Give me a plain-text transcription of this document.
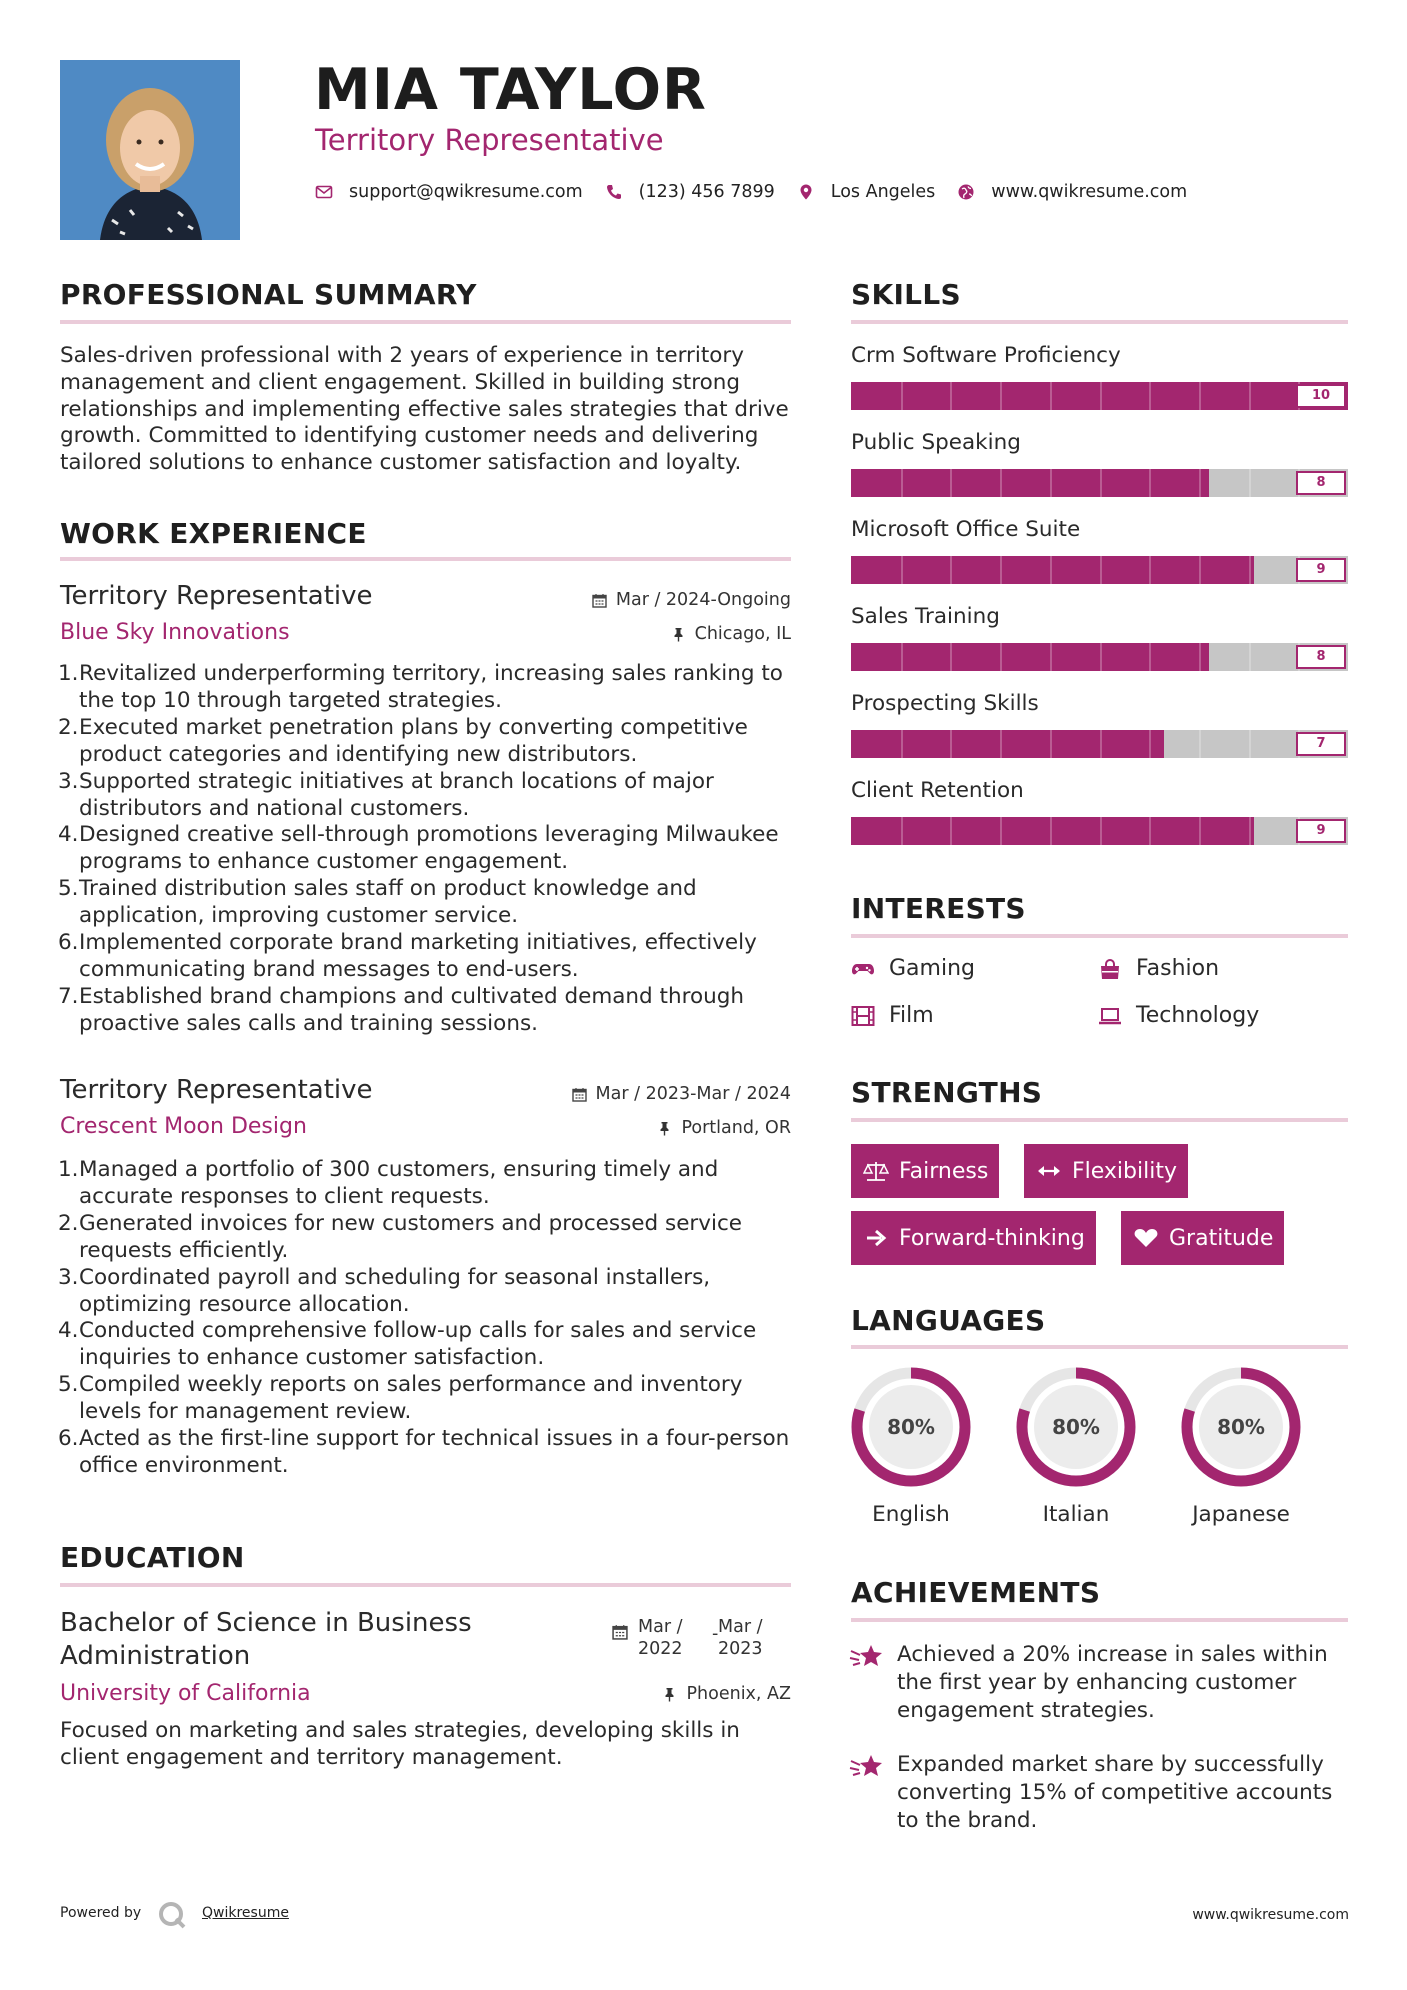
MIA TAYLOR
Territory Representative
support@qwikresume.com	(123) 456 7899	Los Angeles	www.qwikresume.com
PROFESSIONAL SUMMARY
Sales-driven professional with 2 years of experience in territory management and client engagement. Skilled in building strong relationships and implementing effective sales strategies that drive growth. Committed to identifying customer needs and delivering tailored solutions to enhance customer satisfaction and loyalty.
WORK EXPERIENCE
Territory Representative	Mar / 2024-Ongoing
Blue Sky Innovations	Chicago, IL
1. Revitalized underperforming territory, increasing sales ranking to the top 10 through targeted strategies.
2. Executed market penetration plans by converting competitive product categories and identifying new distributors.
3. Supported strategic initiatives at branch locations of major distributors and national customers.
4. Designed creative sell-through promotions leveraging Milwaukee programs to enhance customer engagement.
5. Trained distribution sales staff on product knowledge and application, improving customer service.
6. Implemented corporate brand marketing initiatives, effectively communicating brand messages to end-users.
7. Established brand champions and cultivated demand through proactive sales calls and training sessions.
Territory Representative	Mar / 2023-Mar / 2024
Crescent Moon Design	Portland, OR
1. Managed a portfolio of 300 customers, ensuring timely and accurate responses to client requests.
2. Generated invoices for new customers and processed service requests efficiently.
3. Coordinated payroll and scheduling for seasonal installers, optimizing resource allocation.
4. Conducted comprehensive follow-up calls for sales and service inquiries to enhance customer satisfaction.
5. Compiled weekly reports on sales performance and inventory levels for management review.
6. Acted as the first-line support for technical issues in a four-person office environment.
EDUCATION
Bachelor of Science in Business
Administration
Mar /
2022
- Mar /
2023
University of California	Phoenix, AZ
Focused on marketing and sales strategies, developing skills in client engagement and territory management.
SKILLS
Crm Software Proficiency
10
Public Speaking
8
Microsoft Office Suite
9
Sales Training
8
Prospecting Skills
7
Client Retention
9
INTERESTS
Gaming	Fashion
Film	Technology
STRENGTHS
Fairness	Flexibility
Forward-thinking	Gratitude
LANGUAGES
80%
English
80%
Italian
80%
Japanese
ACHIEVEMENTS
Achieved a 20% increase in sales within the first year by enhancing customer engagement strategies.
Expanded market share by successfully converting 15% of competitive accounts to the brand.
Powered by	Qwikresume	www.qwikresume.com
